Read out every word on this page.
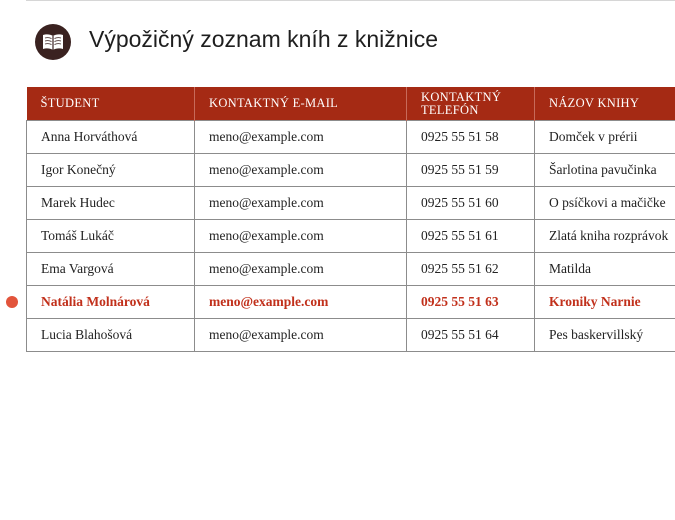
Výpožičný zoznam kníh z knižnice
ŠTUDENT	KONTAKTNÝ E-MAIL	KONTAKTNÝ TELEFÓN	NÁZOV KNIHY
Anna Horváthová	meno@example.com	0925 55 51 58	Domček v prérii
Igor Konečný	meno@example.com	0925 55 51 59	Šarlotina pavučinka
Marek Hudec	meno@example.com	0925 55 51 60	O psíčkovi a mačičke
Tomáš Lukáč	meno@example.com	0925 55 51 61	Zlatá kniha rozprávok
Ema Vargová	meno@example.com	0925 55 51 62	Matilda
Natália Molnárová	meno@example.com	0925 55 51 63	Kroniky Narnie
Lucia Blahošová	meno@example.com	0925 55 51 64	Pes baskervillský
